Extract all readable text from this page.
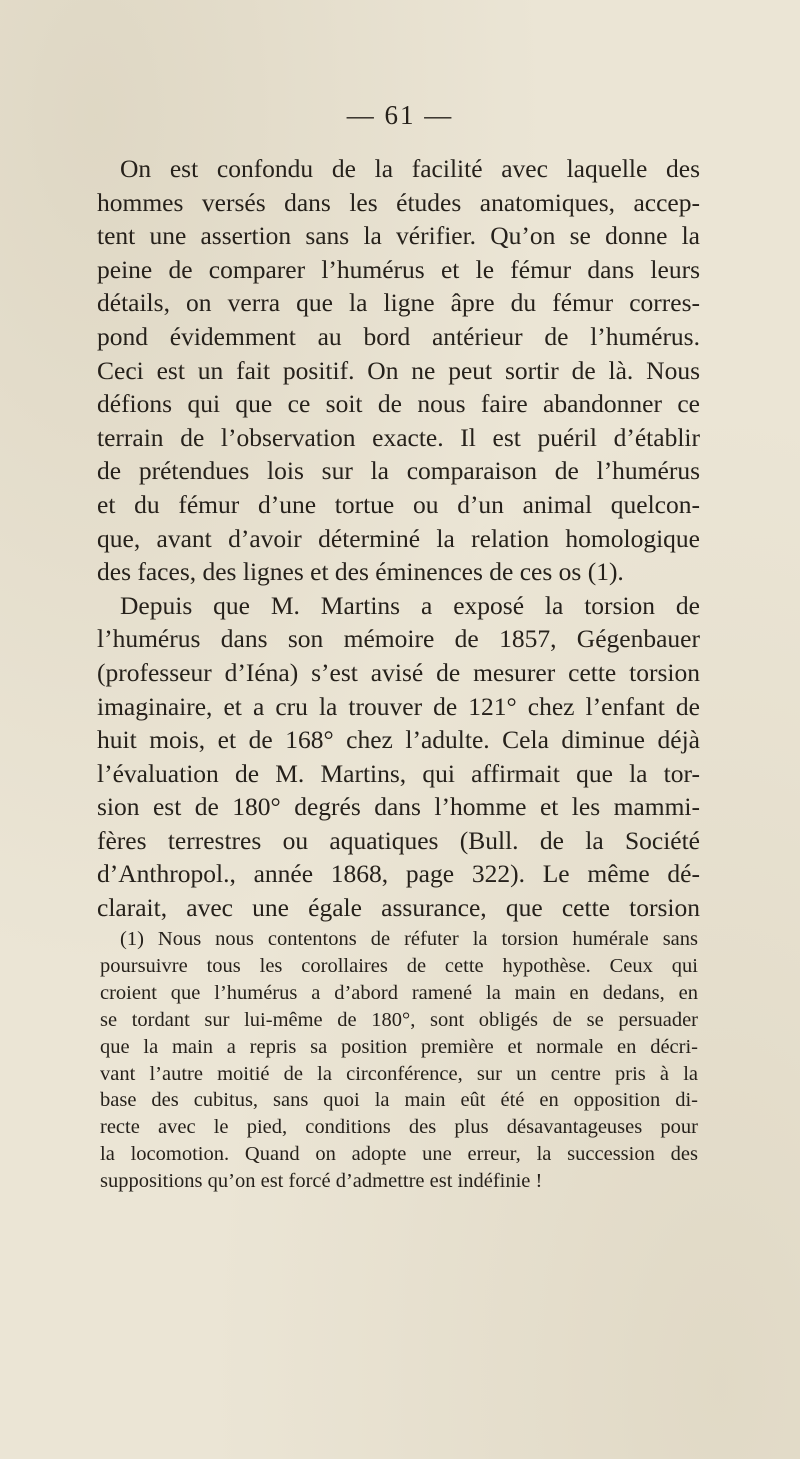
— 61 —
On est confondu de la facilité avec laquelle des
hommes versés dans les études anatomiques, accep-
tent une assertion sans la vérifier. Qu’on se donne la
peine de comparer l’humérus et le fémur dans leurs
détails, on verra que la ligne âpre du fémur corres-
pond évidemment au bord antérieur de l’humérus.
Ceci est un fait positif. On ne peut sortir de là. Nous
défions qui que ce soit de nous faire abandonner ce
terrain de l’observation exacte. Il est puéril d’établir
de prétendues lois sur la comparaison de l’humérus
et du fémur d’une tortue ou d’un animal quelcon-
que, avant d’avoir déterminé la relation homologique
des faces, des lignes et des éminences de ces os (1).
Depuis que M. Martins a exposé la torsion de
l’humérus dans son mémoire de 1857, Gégenbauer
(professeur d’Iéna) s’est avisé de mesurer cette torsion
imaginaire, et a cru la trouver de 121° chez l’enfant de
huit mois, et de 168° chez l’adulte. Cela diminue déjà
l’évaluation de M. Martins, qui affirmait que la tor-
sion est de 180° degrés dans l’homme et les mammi-
fères terrestres ou aquatiques (Bull. de la Société
d’Anthropol., année 1868, page 322). Le même dé-
clarait, avec une égale assurance, que cette torsion
(1) Nous nous contentons de réfuter la torsion humérale sans
poursuivre tous les corollaires de cette hypothèse. Ceux qui
croient que l’humérus a d’abord ramené la main en dedans, en
se tordant sur lui-même de 180°, sont obligés de se persuader
que la main a repris sa position première et normale en décri-
vant l’autre moitié de la circonférence, sur un centre pris à la
base des cubitus, sans quoi la main eût été en opposition di-
recte avec le pied, conditions des plus désavantageuses pour
la locomotion. Quand on adopte une erreur, la succession des
suppositions qu’on est forcé d’admettre est indéfinie !
